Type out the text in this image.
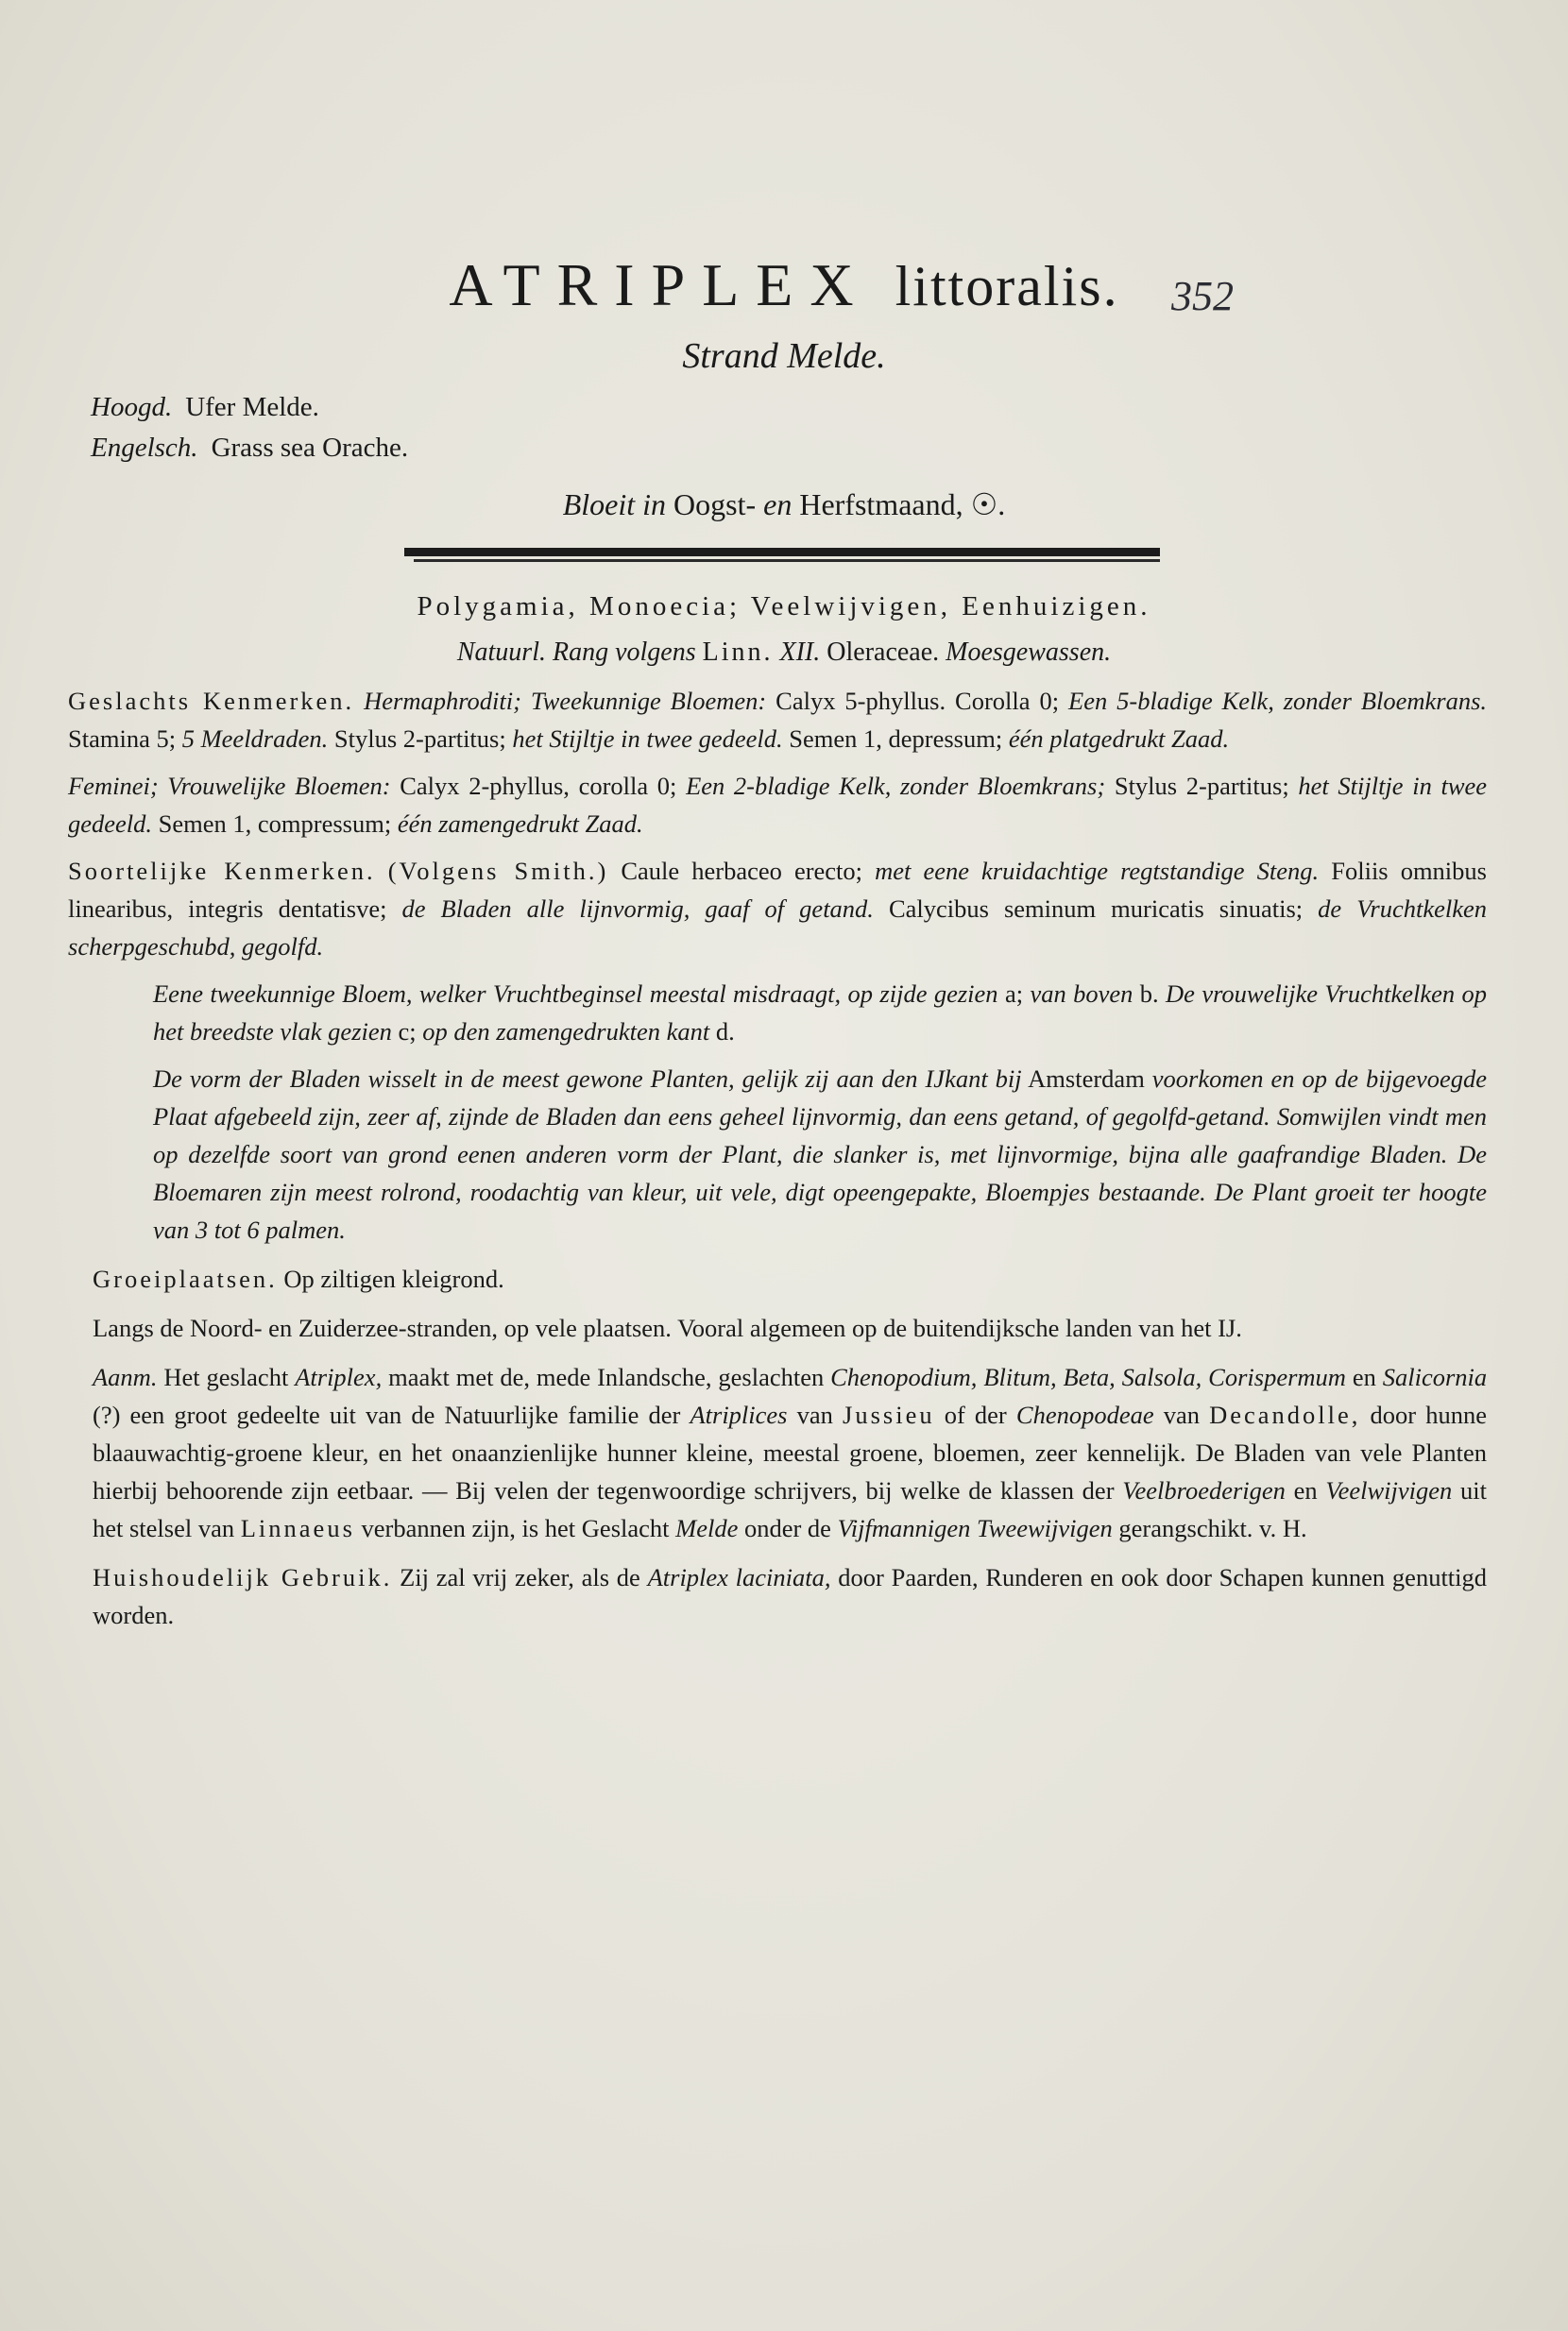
ATRIPLEX littoralis.	352
Strand Melde.
Hoogd. Ufer Melde.
Engelsch. Grass sea Orache.
Bloeit in Oogst- en Herfstmaand, ☉.
Polygamia, Monoecia; Veelwijvigen, Eenhuizigen.
Natuurl. Rang volgens Linn. XII. Oleraceae. Moesgewassen.

Geslachts Kenmerken. Hermaphroditi; Tweekunnige Bloemen: Calyx 5-phyllus. Corolla 0; Een 5-bladige Kelk, zonder Bloemkrans. Stamina 5; 5 Meeldraden. Stylus 2-partitus; het Stijltje in twee gedeeld. Semen 1, depressum; één platgedrukt Zaad.

Feminei; Vrouwelijke Bloemen: Calyx 2-phyllus, corolla 0; Een 2-bladige Kelk, zonder Bloemkrans; Stylus 2-partitus; het Stijltje in twee gedeeld. Semen 1, compressum; één zamengedrukt Zaad.

Soortelijke Kenmerken. (Volgens Smith.) Caule herbaceo erecto; met eene kruidachtige regtstandige Steng. Foliis omnibus linearibus, integris dentatisve; de Bladen alle lijnvormig, gaaf of getand. Calycibus seminum muricatis sinuatis; de Vruchtkelken scherpgeschubd, gegolfd.

Eene tweekunnige Bloem, welker Vruchtbeginsel meestal misdraagt, op zijde gezien a; van boven b. De vrouwelijke Vruchtkelken op het breedste vlak gezien c; op den zamengedrukten kant d.

De vorm der Bladen wisselt in de meest gewone Planten, gelijk zij aan den IJkant bij Amsterdam voorkomen en op de bijgevoegde Plaat afgebeeld zijn, zeer af, zijnde de Bladen dan eens geheel lijnvormig, dan eens getand, of gegolfd-getand. Somwijlen vindt men op dezelfde soort van grond eenen anderen vorm der Plant, die slanker is, met lijnvormige, bijna alle gaafrandige Bladen. De Bloemaren zijn meest rolrond, roodachtig van kleur, uit vele, digt opeengepakte, Bloempjes bestaande. De Plant groeit ter hoogte van 3 tot 6 palmen.

Groeiplaatsen. Op ziltigen kleigrond.

Langs de Noord- en Zuiderzee-stranden, op vele plaatsen. Vooral algemeen op de buitendijksche landen van het IJ.

Aanm. Het geslacht Atriplex, maakt met de, mede Inlandsche, geslachten Chenopodium, Blitum, Beta, Salsola, Corispermum en Salicornia (?) een groot gedeelte uit van de Natuurlijke familie der Atriplices van Jussieu of der Chenopodeae van Decandolle, door hunne blaauwachtig-groene kleur, en het onaanzienlijke hunner kleine, meestal groene, bloemen, zeer kennelijk. De Bladen van vele Planten hierbij behoorende zijn eetbaar. — Bij velen der tegenwoordige schrijvers, bij welke de klassen der Veelbroederigen en Veelwijvigen uit het stelsel van Linnaeus verbannen zijn, is het Geslacht Melde onder de Vijfmannigen Tweewijvigen gerangschikt. v. H.

Huishoudelijk Gebruik. Zij zal vrij zeker, als de Atriplex laciniata, door Paarden, Runderen en ook door Schapen kunnen genuttigd worden.
